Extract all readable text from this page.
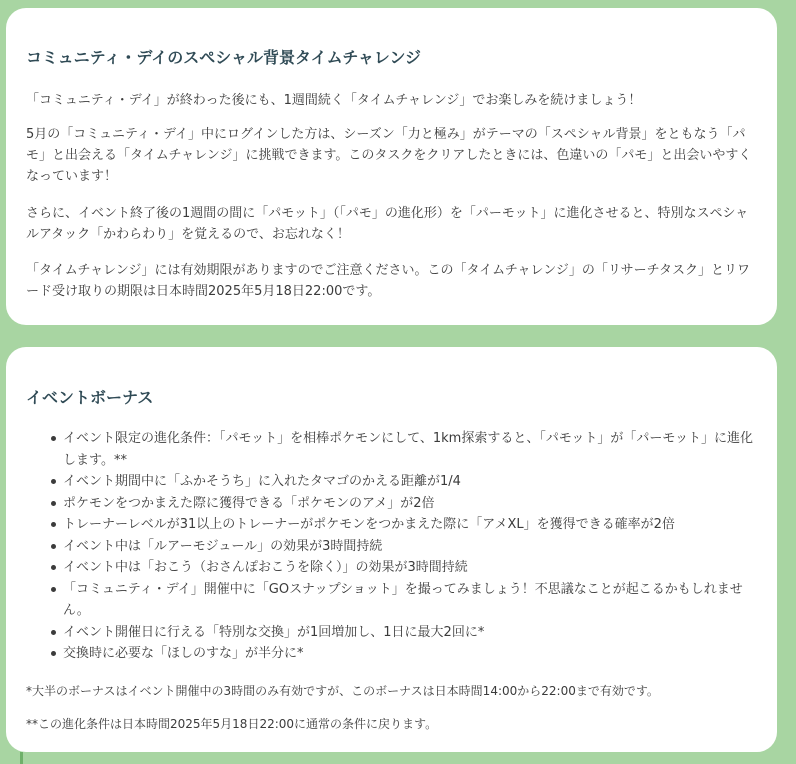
コミュニティ・デイのスペシャル背景タイムチャレンジ

「コミュニティ・デイ」が終わった後にも、1週間続く「タイムチャレンジ」でお楽しみを続けましょう！

5月の「コミュニティ・デイ」中にログインした方は、シーズン「力と極み」がテーマの「スペシャル背景」をともなう「パモ」と出会える「タイムチャレンジ」に挑戦できます。このタスクをクリアしたときには、色違いの「パモ」と出会いやすくなっています！

さらに、イベント終了後の1週間の間に「パモット」（「パモ」の進化形）を「パーモット」に進化させると、特別なスペシャルアタック「かわらわり」を覚えるので、お忘れなく！

「タイムチャレンジ」には有効期限がありますのでご注意ください。この「タイムチャレンジ」の「リサーチタスク」とリワード受け取りの期限は日本時間2025年5月18日22:00です。

イベントボーナス
イベント限定の進化条件：「パモット」を相棒ポケモンにして、1km探索すると、「パモット」が「パーモット」に進化します。**
イベント期間中に「ふかそうち」に入れたタマゴのかえる距離が1/4
ポケモンをつかまえた際に獲得できる「ポケモンのアメ」が2倍
トレーナーレベルが31以上のトレーナーがポケモンをつかまえた際に「アメXL」を獲得できる確率が2倍
イベント中は「ルアーモジュール」の効果が3時間持続
イベント中は「おこう（おさんぽおこうを除く）」の効果が3時間持続
「コミュニティ・デイ」開催中に「GOスナップショット」を撮ってみましょう！不思議なことが起こるかもしれません。
イベント開催日に行える「特別な交換」が1回増加し、1日に最大2回に*
交換時に必要な「ほしのすな」が半分に*

*大半のボーナスはイベント開催中の3時間のみ有効ですが、このボーナスは日本時間14:00から22:00まで有効です。

**この進化条件は日本時間2025年5月18日22:00に通常の条件に戻ります。
